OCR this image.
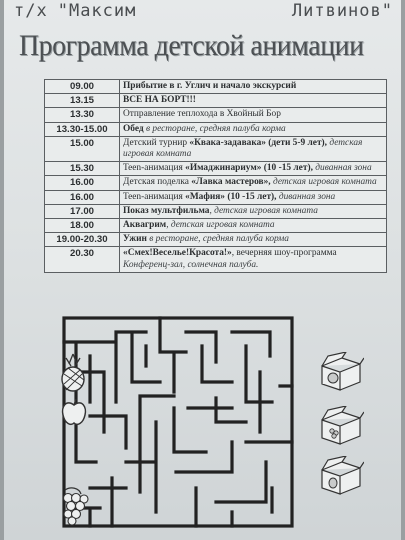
т/х "Максим	Литвинов"
Программа детской анимации
09.00	Прибытие в г. Углич и начало экскурсий
13.15	ВСЕ НА БОРТ!!!
13.30	Отправление теплохода в Хвойный Бор
13.30-15.00	Обед в ресторане, средняя палуба кормa
15.00	Детский турнир «Квака-задавака» (дети 5-9 лет), детская игровая комната
15.30	Teen-анимация «Имаджинариум» (10 -15 лет), диванная зона
16.00	Детская поделка «Лавка мастеров», детская игровая комната
16.00	Teen-анимация «Мафия» (10 -15 лет), диванная зона
17.00	Показ мультфильма, детская игровая комната
18.00	Аквагрим, детская игровая комната
19.00-20.30	Ужин в ресторане, средняя палуба кормa
20.30	«Смех!Веселье!Красота!», вечерняя шоу-программа Конференц-зал, солнечная палуба.
